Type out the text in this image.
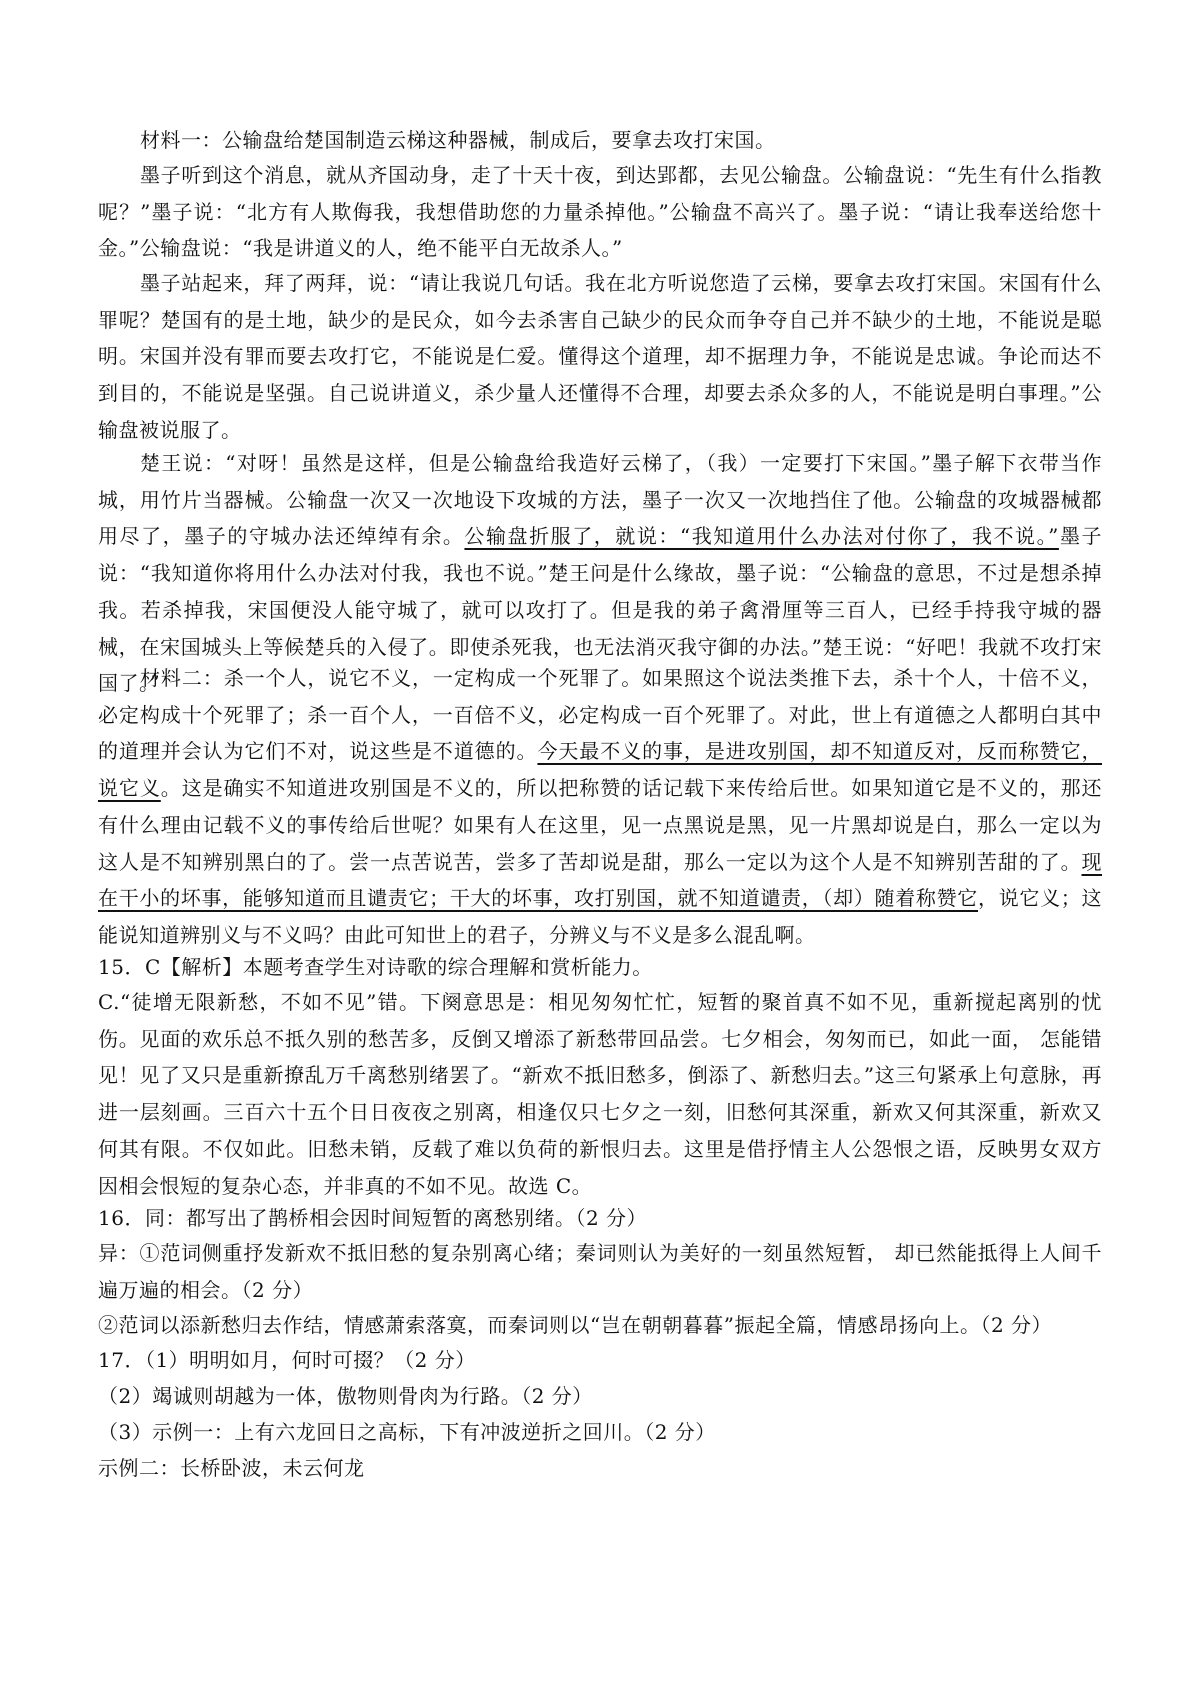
材料一：公输盘给楚国制造云梯这种器械，制成后，要拿去攻打宋国。

墨子听到这个消息，就从齐国动身，走了十天十夜，到达郢都，去见公输盘。公输盘说：“先生有什么指教呢？”墨子说：“北方有人欺侮我，我想借助您的力量杀掉他。”公输盘不高兴了。墨子说：“请让我奉送给您十金。”公输盘说：“我是讲道义的人，绝不能平白无故杀人。”

墨子站起来，拜了两拜，说：“请让我说几句话。我在北方听说您造了云梯，要拿去攻打宋国。宋国有什么罪呢？楚国有的是土地，缺少的是民众，如今去杀害自己缺少的民众而争夺自己并不缺少的土地，不能说是聪明。宋国并没有罪而要去攻打它，不能说是仁爱。懂得这个道理，却不据理力争，不能说是忠诚。争论而达不到目的，不能说是坚强。自己说讲道义，杀少量人还懂得不合理，却要去杀众多的人，不能说是明白事理。”公输盘被说服了。

楚王说：“对呀！虽然是这样，但是公输盘给我造好云梯了，（我）一定要打下宋国。”墨子解下衣带当作城，用竹片当器械。公输盘一次又一次地设下攻城的方法，墨子一次又一次地挡住了他。公输盘的攻城器械都用尽了，墨子的守城办法还绰绰有余。公输盘折服了，就说：“我知道用什么办法对付你了，我不说。”墨子说：“我知道你将用什么办法对付我，我也不说。”楚王问是什么缘故，墨子说：“公输盘的意思，不过是想杀掉我。若杀掉我，宋国便没人能守城了，就可以攻打了。但是我的弟子禽滑厘等三百人，已经手持我守城的器械，在宋国城头上等候楚兵的入侵了。即使杀死我，也无法消灭我守御的办法。”楚王说：“好吧！我就不攻打宋国了。”

材料二：杀一个人，说它不义，一定构成一个死罪了。如果照这个说法类推下去，杀十个人，十倍不义，必定构成十个死罪了；杀一百个人，一百倍不义，必定构成一百个死罪了。对此，世上有道德之人都明白其中的道理并会认为它们不对，说这些是不道德的。今天最不义的事，是进攻别国，却不知道反对，反而称赞它，说它义。这是确实不知道进攻别国是不义的，所以把称赞的话记载下来传给后世。如果知道它是不义的，那还有什么理由记载不义的事传给后世呢？如果有人在这里，见一点黑说是黑，见一片黑却说是白，那么一定以为这人是不知辨别黑白的了。尝一点苦说苦，尝多了苦却说是甜，那么一定以为这个人是不知辨别苦甜的了。现在干小的坏事，能够知道而且谴责它；干大的坏事，攻打别国，就不知道谴责，（却）随着称赞它，说它义；这能说知道辨别义与不义吗？由此可知世上的君子，分辨义与不义是多么混乱啊。

15．C【解析】本题考查学生对诗歌的综合理解和赏析能力。

C.“徒增无限新愁，不如不见”错。下阕意思是：相见匆匆忙忙，短暂的聚首真不如不见，重新搅起离别的忧伤。见面的欢乐总不抵久别的愁苦多，反倒又增添了新愁带回品尝。七夕相会，匆匆而已，如此一面， 怎能错见！见了又只是重新撩乱万千离愁别绪罢了。“新欢不抵旧愁多，倒添了、新愁归去。”这三句紧承上句意脉，再进一层刻画。三百六十五个日日夜夜之别离，相逢仅只七夕之一刻，旧愁何其深重，新欢又何其深重，新欢又何其有限。不仅如此。旧愁未销，反载了难以负荷的新恨归去。这里是借抒情主人公怨恨之语，反映男女双方因相会恨短的复杂心态，并非真的不如不见。故选 C。

16．同：都写出了鹊桥相会因时间短暂的离愁别绪。（2 分）

异：①范词侧重抒发新欢不抵旧愁的复杂别离心绪；秦词则认为美好的一刻虽然短暂， 却已然能抵得上人间千遍万遍的相会。（2 分）

②范词以添新愁归去作结，情感萧索落寞，而秦词则以“岂在朝朝暮暮”振起全篇，情感昂扬向上。（2 分）

17．（1）明明如月，何时可掇？（2 分）

（2）竭诚则胡越为一体，傲物则骨肉为行路。（2 分）

（3）示例一：上有六龙回日之高标，下有冲波逆折之回川。（2 分）

示例二：长桥卧波，未云何龙
